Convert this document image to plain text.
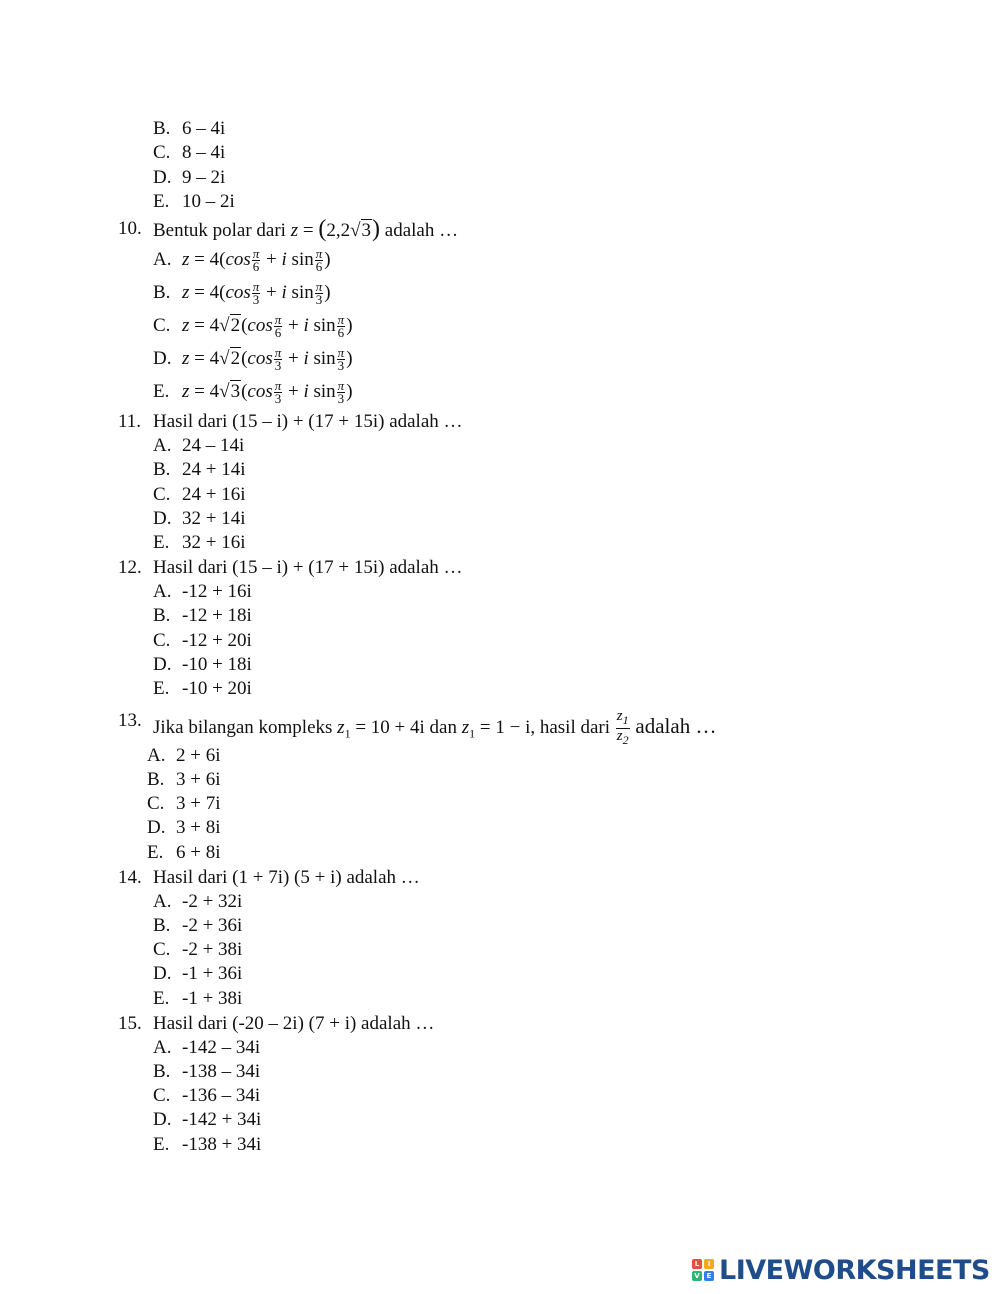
B. 6 – 4i
C. 8 – 4i
D. 9 – 2i
E. 10 – 2i
10. Bentuk polar dari z = (2,2√3) adalah …
A. $z = 4(\cos \frac{\pi}{6} + i$ $\sin \frac{\pi}{6}$ )
B. $z = 4(\cos \frac{\pi}{3} + i$ $\sin \frac{\pi}{3}$ )
C. $z = 4√2(\cos \frac{\pi}{6} + i$ $\sin \frac{\pi}{6}$ )
D. $z = 4√2(\cos \frac{\pi}{3} + i$ $\sin \frac{\pi}{3}$ )
E. $z = 4√3(\cos \frac{\pi}{3} + i$ $\sin \frac{\pi}{3}$ )
11. Hasil dari (15 – i) + (17 + 15i) adalah …
A. 24 – 14i
B. 24 + 14i
C. 24 + 16i
D. 32 + 14i
E. 32 + 16i
12. Hasil dari (15 – i) + (17 + 15i) adalah …
A. -12 + 16i
B. -12 + 18i
C. -12 + 20i
D. -10 + 18i
E. -10 + 20i
13. Jika bilangan kompleks $z_1 = 10 + 4i$ dan $z_1 = 1 - i$, hasil dari $\frac{z_1}{z_2}$ adalah …
A. 2 + 6i
B. 3 + 6i
C. 3 + 7i
D. 3 + 8i
E. 6 + 8i
14. Hasil dari (1 + 7i) (5 + i) adalah …
A. -2 + 32i
B. -2 + 36i
C. -2 + 38i
D. -1 + 36i
E. -1 + 38i
15. Hasil dari (-20 – 2i) (7 + i) adalah …
A. -142 – 34i
B. -138 – 34i
C. -136 – 34i
D. -142 + 34i
E. -138 + 34i
L	I
V E LIVEWORKSHEETS
